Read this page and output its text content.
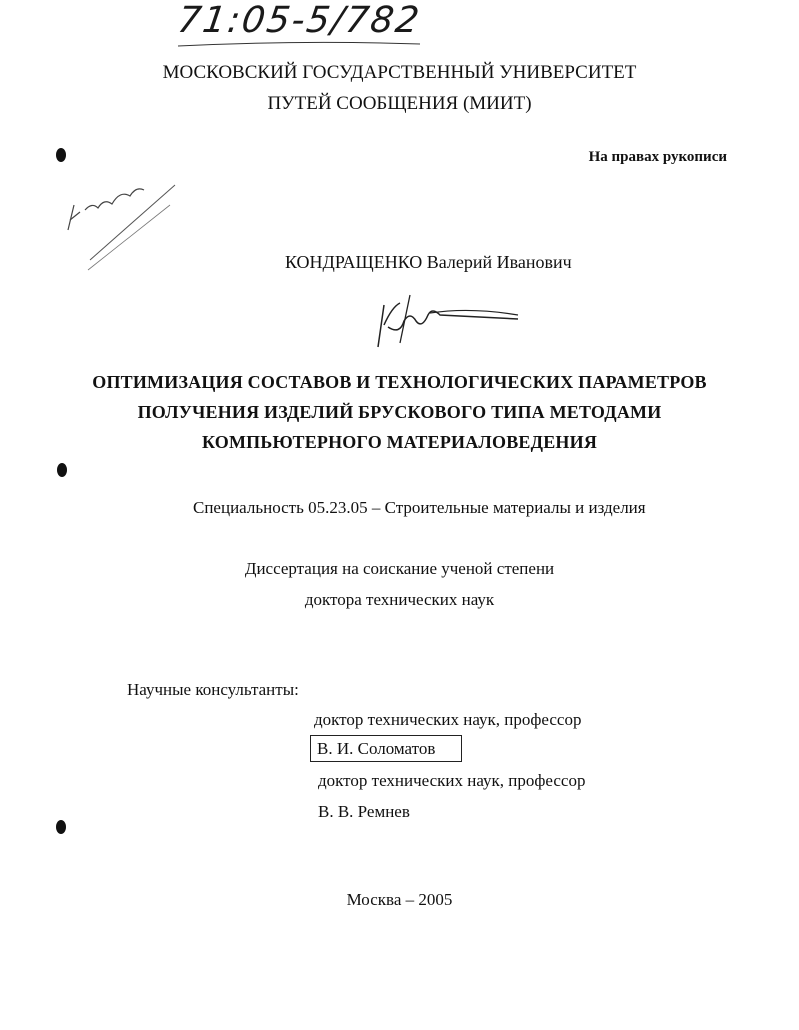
71:05-5/782
МОСКОВСКИЙ ГОСУДАРСТВЕННЫЙ УНИВЕРСИТЕТ
ПУТЕЙ СООБЩЕНИЯ (МИИТ)
На правах рукописи
КОНДРАЩЕНКО Валерий Иванович
ОПТИМИЗАЦИЯ СОСТАВОВ И ТЕХНОЛОГИЧЕСКИХ ПАРАМЕТРОВ
ПОЛУЧЕНИЯ ИЗДЕЛИЙ БРУСКОВОГО ТИПА МЕТОДАМИ
КОМПЬЮТЕРНОГО МАТЕРИАЛОВЕДЕНИЯ
Специальность 05.23.05 – Строительные материалы и изделия
Диссертация на соискание ученой степени
доктора технических наук
Научные консультанты:
доктор технических наук, профессор
В. И. Соломатов
доктор технических наук, профессор
В. В. Ремнев
Москва – 2005
